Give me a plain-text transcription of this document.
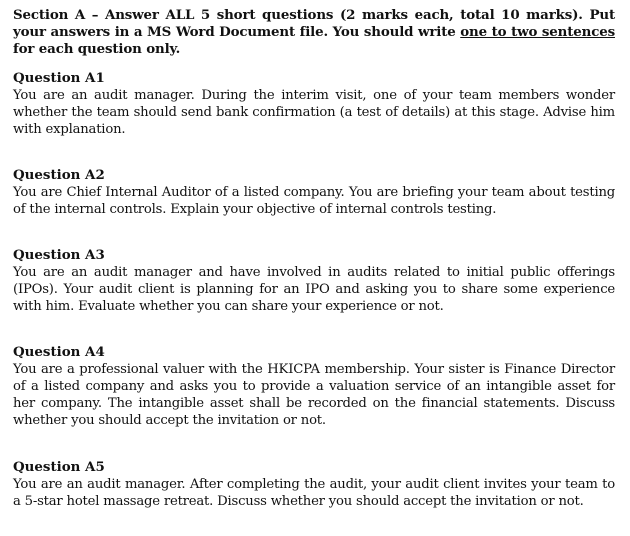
Section A – Answer ALL 5 short questions (2 marks each, total 10 marks). Put your answers in a MS Word Document file. You should write one to two sentences for each question only.

Question A1

You are an audit manager. During the interim visit, one of your team members wonder whether the team should send bank confirmation (a test of details) at this stage. Advise him with explanation.

Question A2

You are Chief Internal Auditor of a listed company. You are briefing your team about testing of the internal controls. Explain your objective of internal controls testing.

Question A3

You are an audit manager and have involved in audits related to initial public offerings (IPOs). Your audit client is planning for an IPO and asking you to share some experience with him. Evaluate whether you can share your experience or not.

Question A4

You are a professional valuer with the HKICPA membership. Your sister is Finance Director of a listed company and asks you to provide a valuation service of an intangible asset for her company. The intangible asset shall be recorded on the financial statements. Discuss whether you should accept the invitation or not.

Question A5

You are an audit manager. After completing the audit, your audit client invites your team to a 5-star hotel massage retreat. Discuss whether you should accept the invitation or not.
